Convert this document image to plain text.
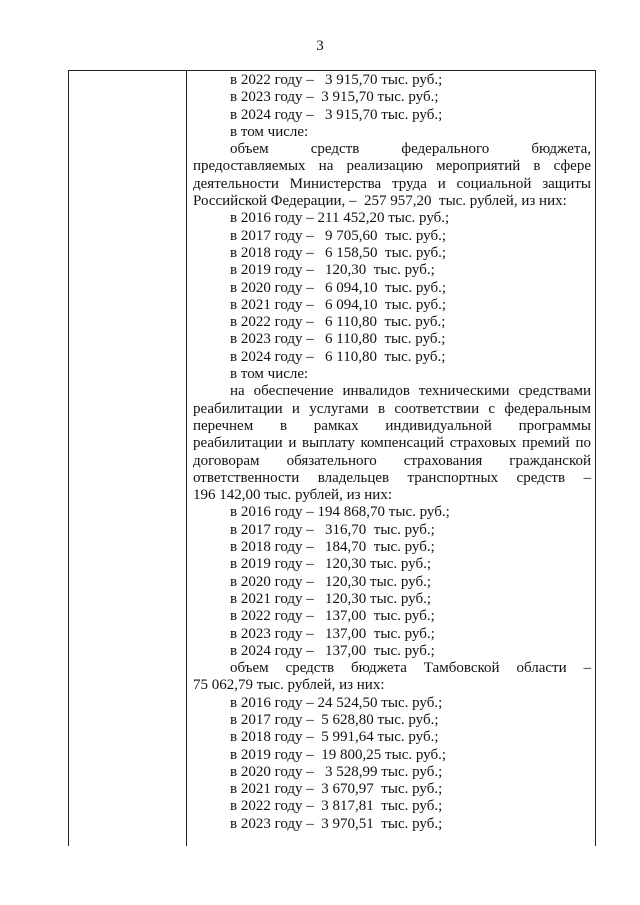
3
в 2022 году –   3 915,70 тыс. руб.;
в 2023 году –  3 915,70 тыс. руб.;
в 2024 году –   3 915,70 тыс. руб.;
в том числе:
объем средств федерального бюджета,
предоставляемых на реализацию мероприятий в сфере
деятельности Министерства труда и социальной защиты
Российской Федерации, –  257 957,20  тыс. рублей, из них:
в 2016 году – 211 452,20 тыс. руб.;
в 2017 году –   9 705,60  тыс. руб.;
в 2018 году –   6 158,50  тыс. руб.;
в 2019 году –   120,30  тыс. руб.;
в 2020 году –   6 094,10  тыс. руб.;
в 2021 году –   6 094,10  тыс. руб.;
в 2022 году –   6 110,80  тыс. руб.;
в 2023 году –   6 110,80  тыс. руб.;
в 2024 году –   6 110,80  тыс. руб.;
в том числе:
на обеспечение инвалидов техническими средствами
реабилитации и услугами в соответствии с федеральным
перечнем в рамках индивидуальной программы
реабилитации и выплату компенсаций страховых премий по
договорам обязательного страхования гражданской
ответственности владельцев транспортных средств –
196 142,00 тыс. рублей, из них:
в 2016 году – 194 868,70 тыс. руб.;
в 2017 году –   316,70  тыс. руб.;
в 2018 году –   184,70  тыс. руб.;
в 2019 году –   120,30 тыс. руб.;
в 2020 году –   120,30 тыс. руб.;
в 2021 году –   120,30 тыс. руб.;
в 2022 году –   137,00  тыс. руб.;
в 2023 году –   137,00  тыс. руб.;
в 2024 году –   137,00  тыс. руб.;
объем средств бюджета Тамбовской области –
75 062,79 тыс. рублей, из них:
в 2016 году – 24 524,50 тыс. руб.;
в 2017 году –  5 628,80 тыс. руб.;
в 2018 году –  5 991,64 тыс. руб.;
в 2019 году –  19 800,25 тыс. руб.;
в 2020 году –   3 528,99 тыс. руб.;
в 2021 году –  3 670,97  тыс. руб.;
в 2022 году –  3 817,81  тыс. руб.;
в 2023 году –  3 970,51  тыс. руб.;
